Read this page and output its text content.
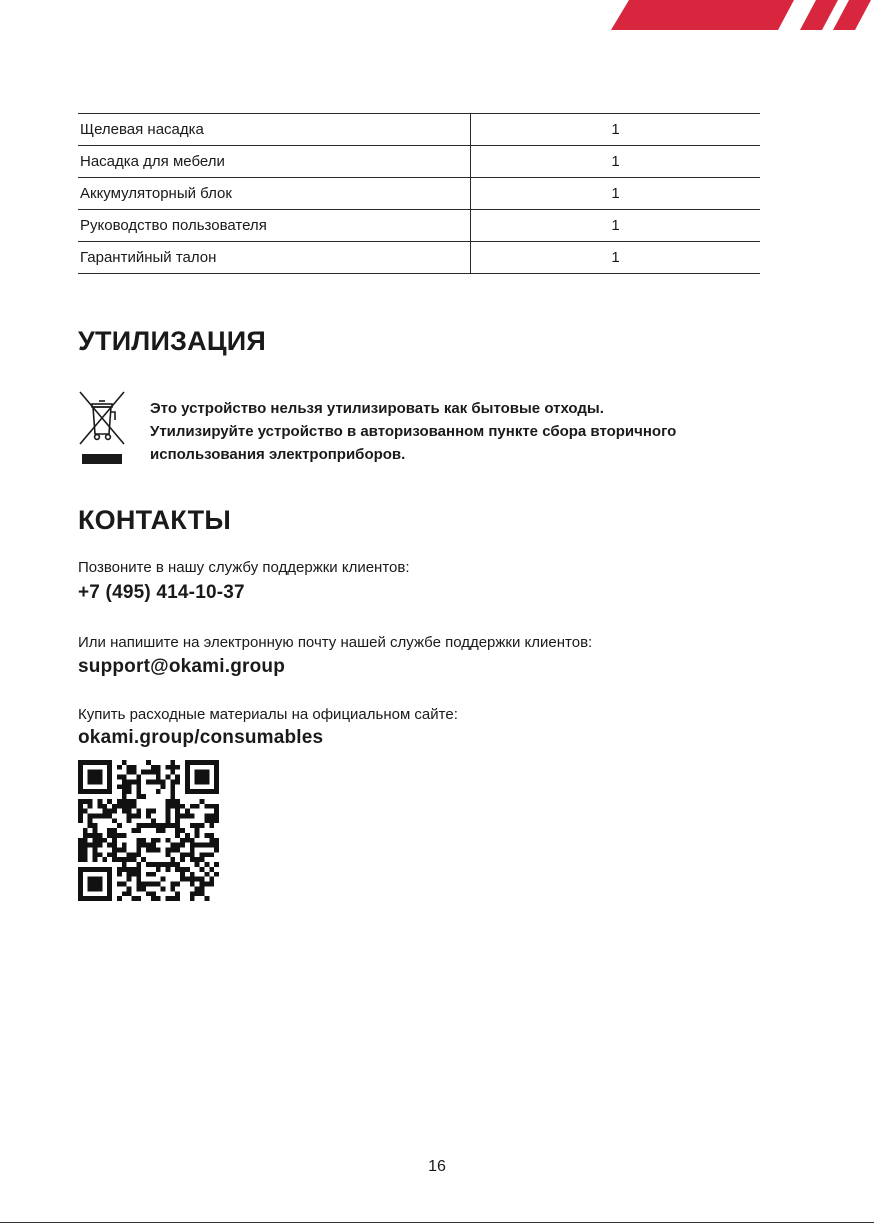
Щелевая насадка	1
Насадка для мебели	1
Аккумуляторный блок	1
Руководство пользователя	1
Гарантийный талон	1
УТИЛИЗАЦИЯ
Это устройство нельзя утилизировать как бытовые отходы.
Утилизируйте устройство в авторизованном пункте сбора вторичного
использования электроприборов.
КОНТАКТЫ
Позвоните в нашу службу поддержки клиентов:
+7 (495) 414-10-37
Или напишите на электронную почту нашей службе поддержки клиентов:
support@okami.group
Купить расходные материалы на официальном сайте:
okami.group/consumables
16
